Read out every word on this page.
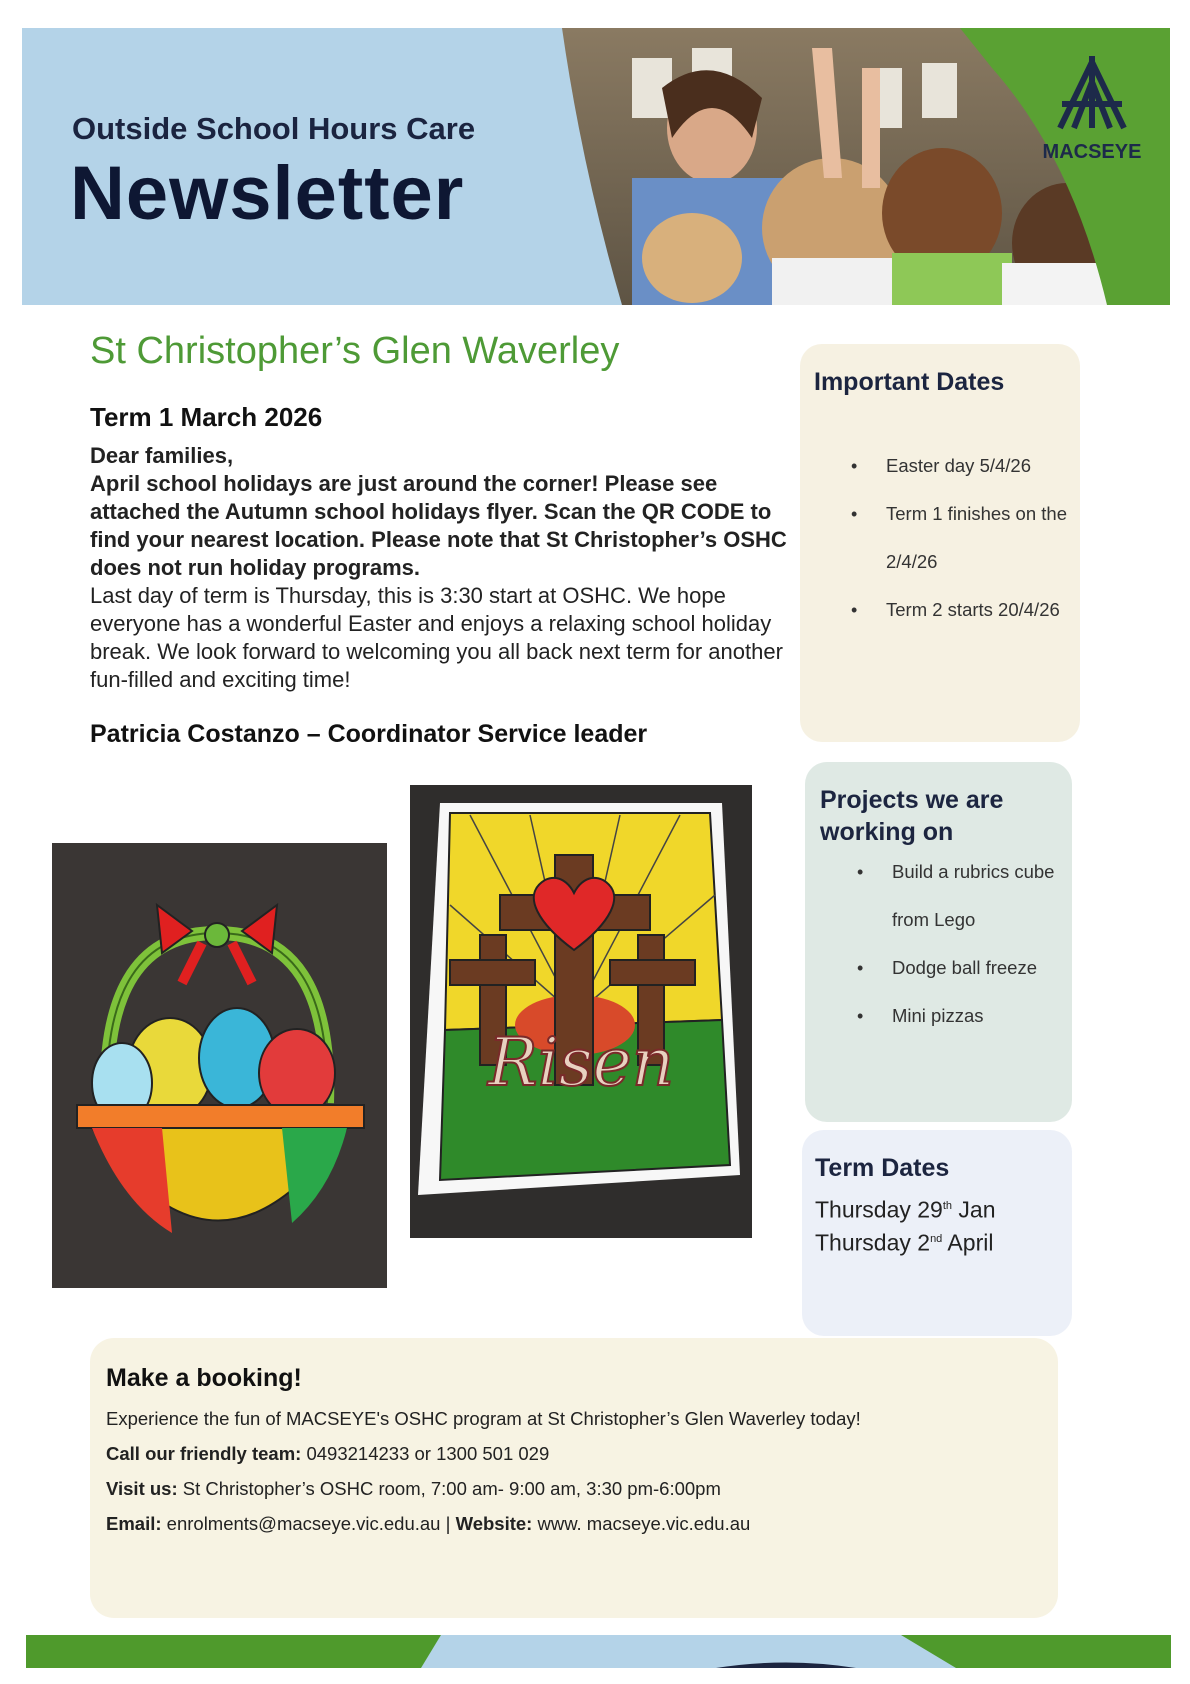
Outside School Hours Care
Newsletter	MACSEYE
St Christopher’s Glen Waverley
Term 1 March 2026

Dear families,

April school holidays are just around the corner! Please see attached the Autumn school holidays flyer. Scan the QR CODE to find your nearest location. Please note that St Christopher’s OSHC does not run holiday programs.

Last day of term is Thursday, this is 3:30 start at OSHC. We hope everyone has a wonderful Easter and enjoys a relaxing school holiday break. We look forward to welcoming you all back next term for another fun-filled and exciting time!

Patricia Costanzo – Coordinator Service leader
Risen
Important Dates
• Easter day 5/4/26
• Term 1 finishes on the 2/4/26
• Term 2 starts 20/4/26
Projects we are working on
• Build a rubrics cube from Lego
• Dodge ball freeze
• Mini pizzas
Term Dates
Thursday 29th Jan
Thursday 2nd April
Make a booking!
Experience the fun of MACSEYE's OSHC program at St Christopher’s Glen Waverley today!
Call our friendly team: 0493214233 or 1300 501 029
Visit us: St Christopher’s OSHC room, 7:00 am- 9:00 am, 3:30 pm-6:00pm
Email: enrolments@macseye.vic.edu.au | Website: www. macseye.vic.edu.au
